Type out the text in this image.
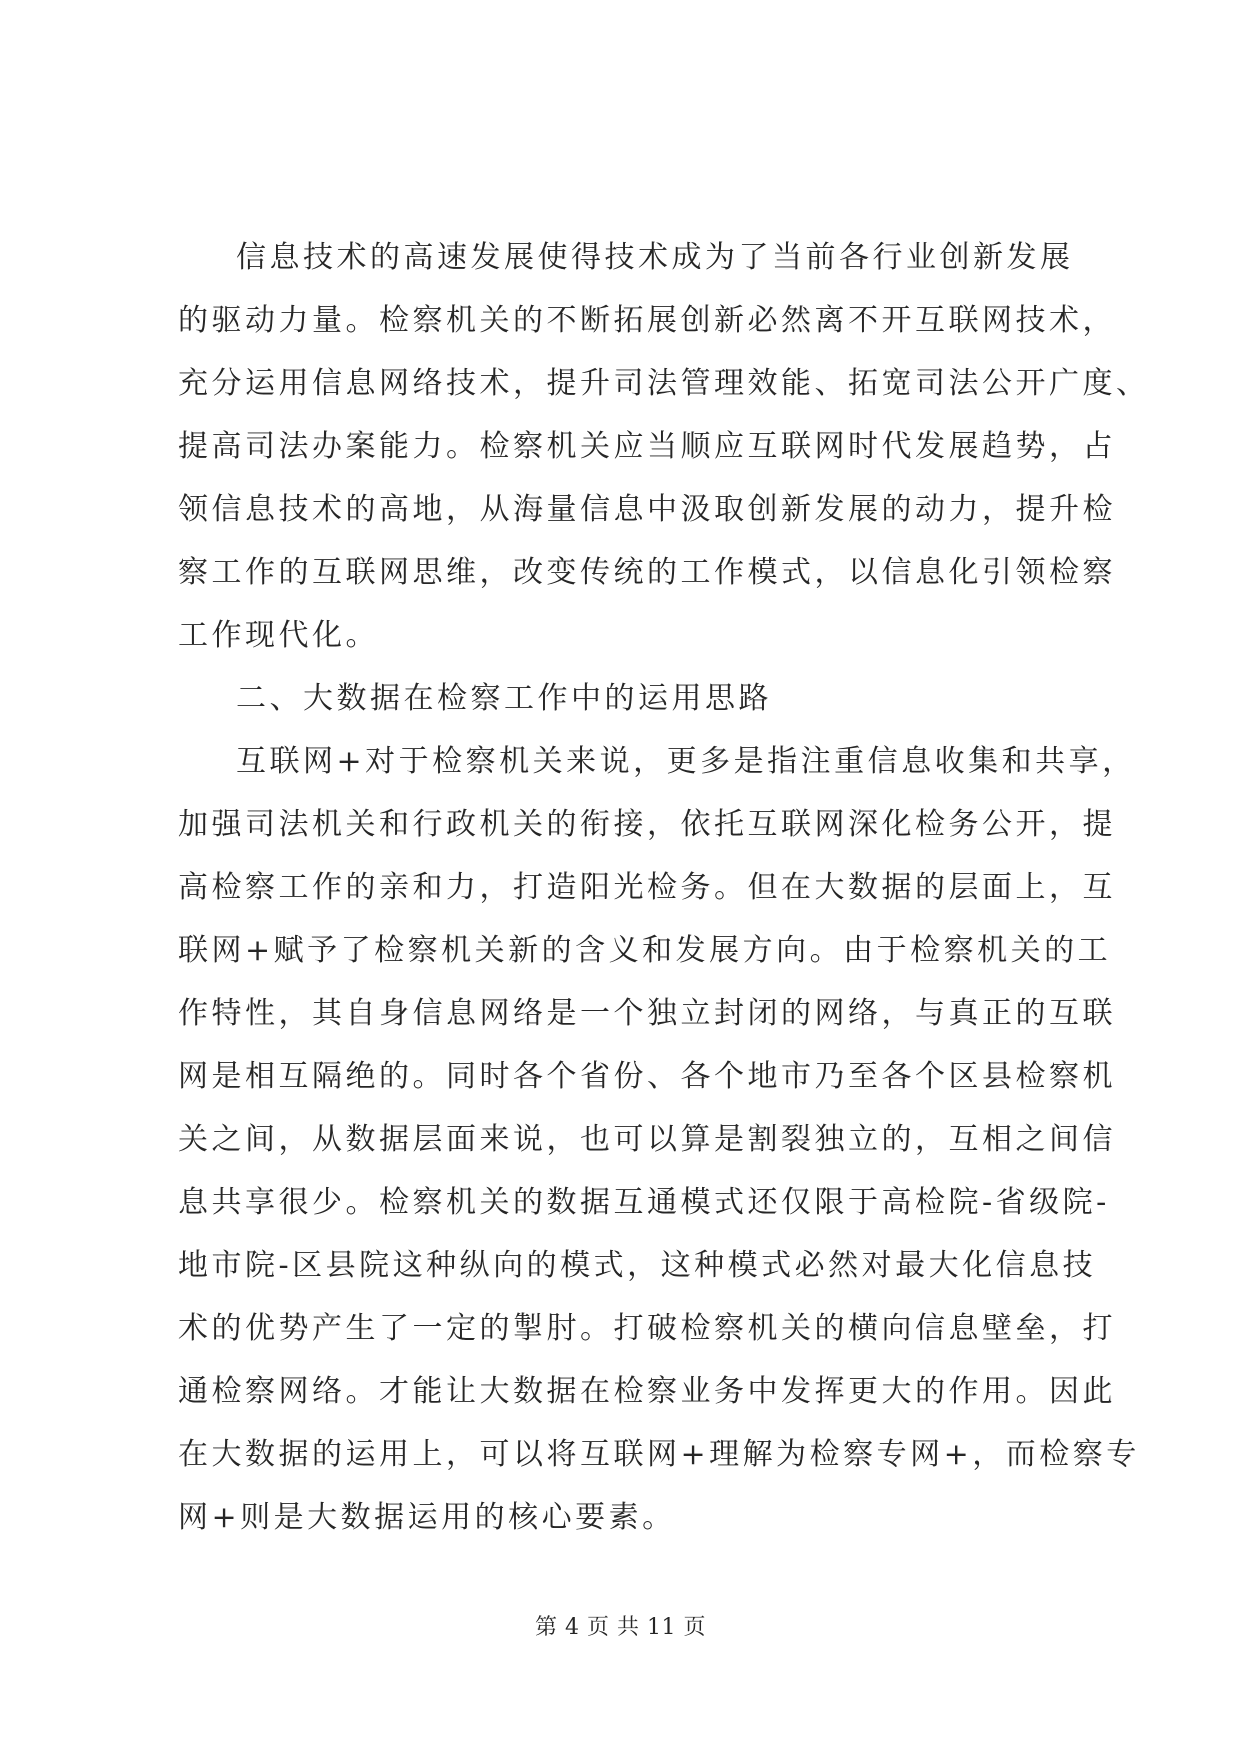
信息技术的高速发展使得技术成为了当前各行业创新发展
的驱动力量。检察机关的不断拓展创新必然离不开互联网技术，
充分运用信息网络技术，提升司法管理效能、拓宽司法公开广度、
提高司法办案能力。检察机关应当顺应互联网时代发展趋势，占
领信息技术的高地，从海量信息中汲取创新发展的动力，提升检
察工作的互联网思维，改变传统的工作模式，以信息化引领检察
工作现代化。
二、大数据在检察工作中的运用思路
互联网+对于检察机关来说，更多是指注重信息收集和共享，
加强司法机关和行政机关的衔接，依托互联网深化检务公开，提
高检察工作的亲和力，打造阳光检务。但在大数据的层面上，互
联网+赋予了检察机关新的含义和发展方向。由于检察机关的工
作特性，其自身信息网络是一个独立封闭的网络，与真正的互联
网是相互隔绝的。同时各个省份、各个地市乃至各个区县检察机
关之间，从数据层面来说，也可以算是割裂独立的，互相之间信
息共享很少。检察机关的数据互通模式还仅限于高检院-省级院-
地市院-区县院这种纵向的模式，这种模式必然对最大化信息技
术的优势产生了一定的掣肘。打破检察机关的横向信息壁垒，打
通检察网络。才能让大数据在检察业务中发挥更大的作用。因此
在大数据的运用上，可以将互联网+理解为检察专网+，而检察专
网+则是大数据运用的核心要素。
第 4 页 共 11 页
